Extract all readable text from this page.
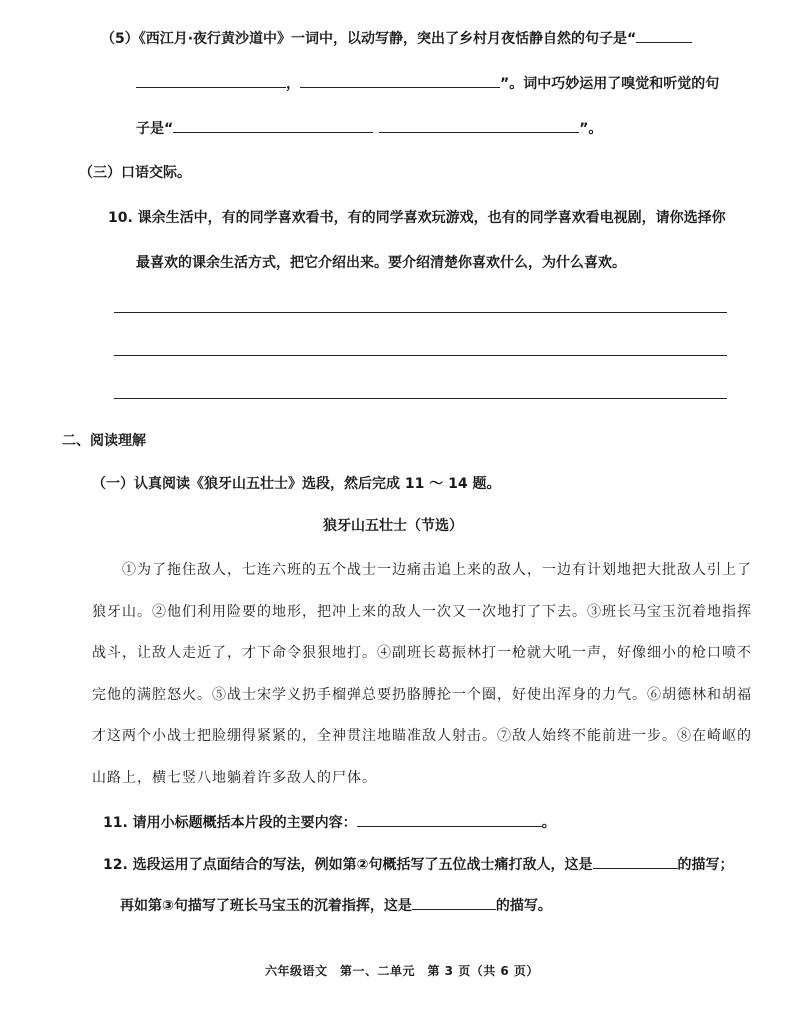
（5）《西江月·夜行黄沙道中》一词中，以动写静，突出了乡村月夜恬静自然的句子是“
，	”。词中巧妙运用了嗅觉和听觉的句
子是“	”。
（三）口语交际。
10. 课余生活中，有的同学喜欢看书，有的同学喜欢玩游戏，也有的同学喜欢看电视剧，请你选择你
最喜欢的课余生活方式，把它介绍出来。要介绍清楚你喜欢什么，为什么喜欢。
二、阅读理解
（一）认真阅读《狼牙山五壮士》选段，然后完成 11 ～ 14 题。
狼牙山五壮士（节选）
①为了拖住敌人，七连六班的五个战士一边痛击追上来的敌人，一边有计划地把大批敌人引上了
狼牙山。②他们利用险要的地形，把冲上来的敌人一次又一次地打了下去。③班长马宝玉沉着地指挥
战斗，让敌人走近了，才下命令狠狠地打。④副班长葛振林打一枪就大吼一声，好像细小的枪口喷不
完他的满腔怒火。⑤战士宋学义扔手榴弹总要扔胳膊抡一个圈，好使出浑身的力气。⑥胡德林和胡福
才这两个小战士把脸绷得紧紧的，全神贯注地瞄准敌人射击。⑦敌人始终不能前进一步。⑧在崎岖的
山路上，横七竖八地躺着许多敌人的尸体。
11. 请用小标题概括本片段的主要内容：	。
12. 选段运用了点面结合的写法，例如第②句概括写了五位战士痛打敌人，这是	的描写；
再如第③句描写了班长马宝玉的沉着指挥，这是	的描写。
六年级语文　第一、二单元　第 3 页（共 6 页）
